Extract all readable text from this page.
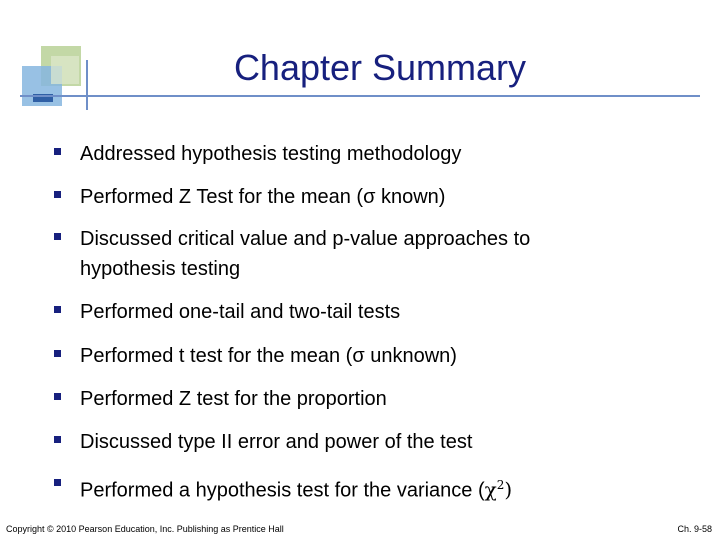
Chapter Summary
Addressed hypothesis testing methodology
Performed Z Test for the mean (σ known)
Discussed critical value and p-value approaches to
hypothesis testing
Performed one-tail and two-tail tests
Performed t test for the mean (σ unknown)
Performed Z test for the proportion
Discussed type II error and power of the test
Performed a hypothesis test for the variance $(\chi^2)$
Copyright © 2010 Pearson Education, Inc. Publishing as Prentice Hall	Ch. 9-58
